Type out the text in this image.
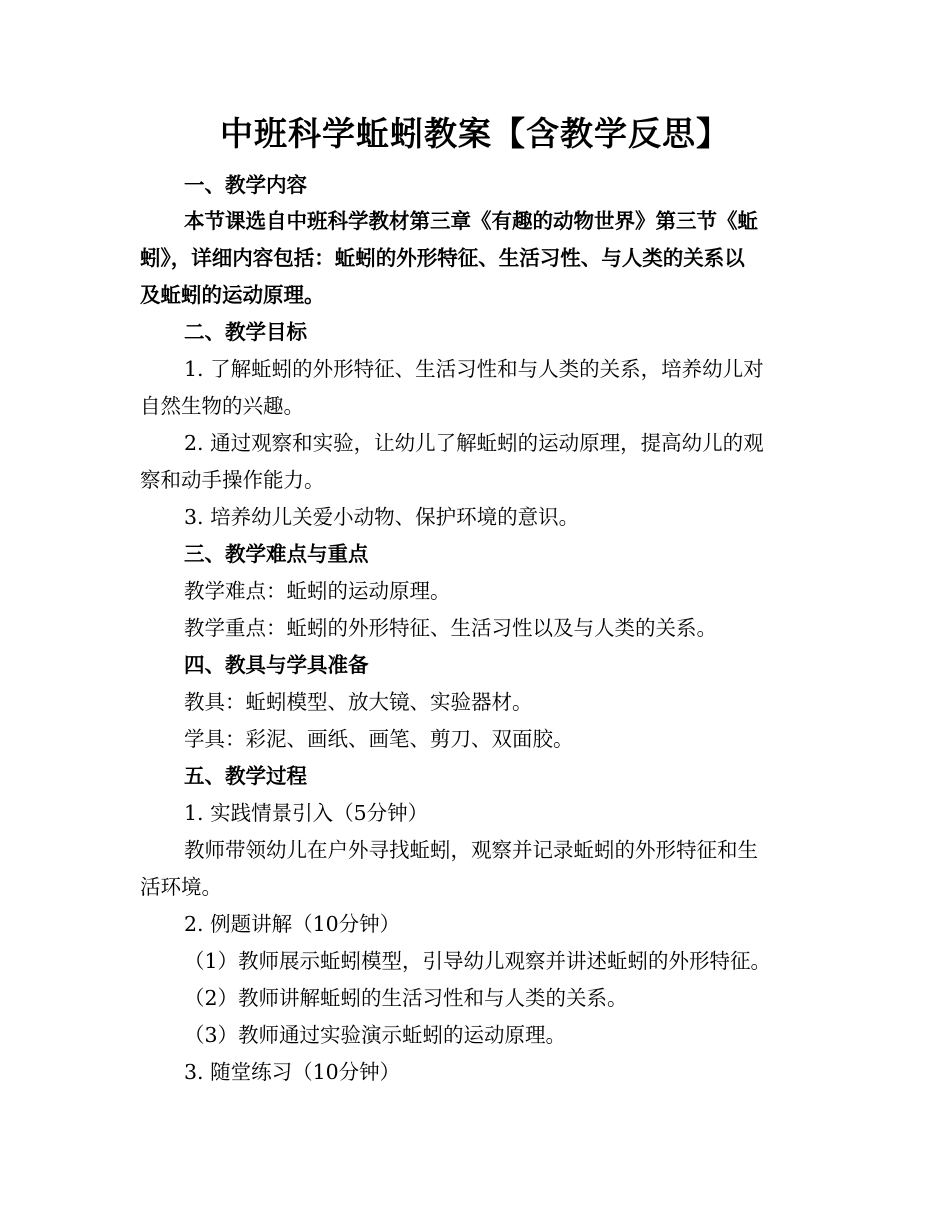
中班科学蚯蚓教案【含教学反思】
一、教学内容
本节课选自中班科学教材第三章《有趣的动物世界》第三节《蚯
蚓》，详细内容包括：蚯蚓的外形特征、生活习性、与人类的关系以
及蚯蚓的运动原理。
二、教学目标
1. 了解蚯蚓的外形特征、生活习性和与人类的关系，培养幼儿对
自然生物的兴趣。
2. 通过观察和实验，让幼儿了解蚯蚓的运动原理，提高幼儿的观
察和动手操作能力。
3. 培养幼儿关爱小动物、保护环境的意识。
三、教学难点与重点
教学难点：蚯蚓的运动原理。
教学重点：蚯蚓的外形特征、生活习性以及与人类的关系。
四、教具与学具准备
教具：蚯蚓模型、放大镜、实验器材。
学具：彩泥、画纸、画笔、剪刀、双面胶。
五、教学过程
1. 实践情景引入（5分钟）
教师带领幼儿在户外寻找蚯蚓，观察并记录蚯蚓的外形特征和生
活环境。
2. 例题讲解（10分钟）
（1）教师展示蚯蚓模型，引导幼儿观察并讲述蚯蚓的外形特征。
（2）教师讲解蚯蚓的生活习性和与人类的关系。
（3）教师通过实验演示蚯蚓的运动原理。
3. 随堂练习（10分钟）
